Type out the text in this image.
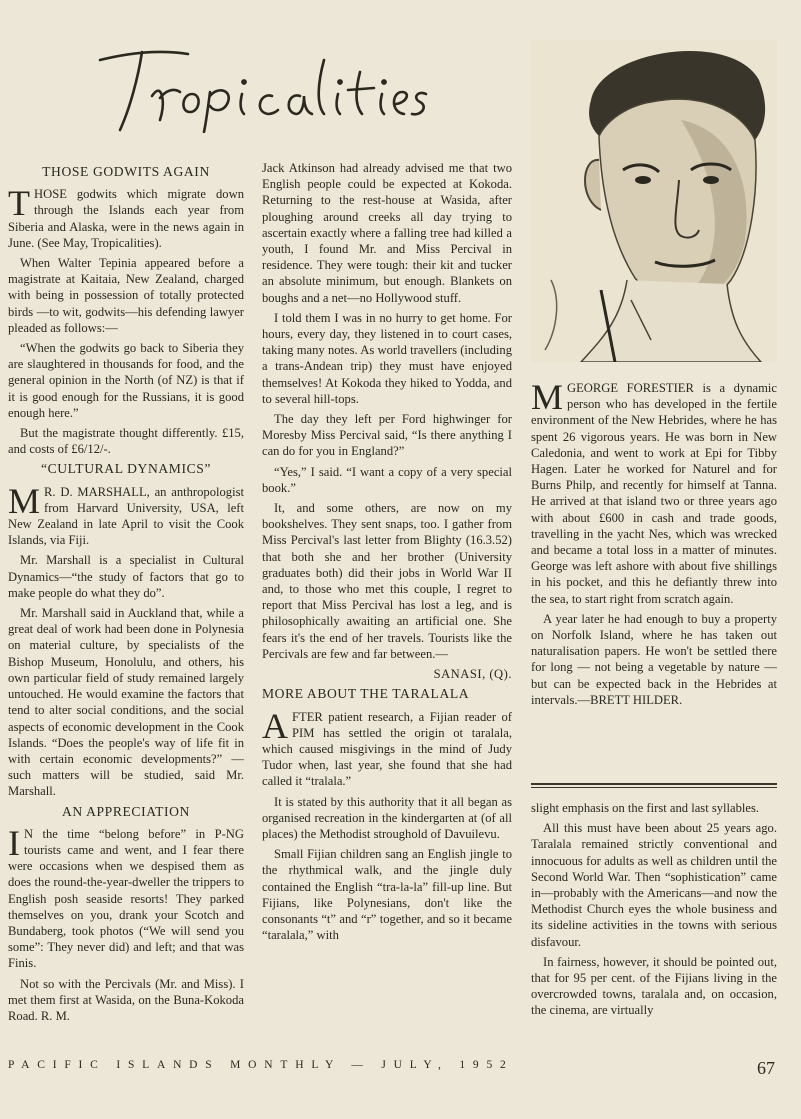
THOSE GODWITS AGAIN

THOSE godwits which migrate down through the Islands each year from Siberia and Alaska, were in the news again in June. (See May, Tropicalities).

When Walter Tepinia appeared before a magistrate at Kaitaia, New Zealand, charged with being in possession of totally protected birds —to wit, godwits—his defending lawyer pleaded as follows:—

“When the godwits go back to Siberia they are slaughtered in thousands for food, and the general opinion in the North (of NZ) is that if it is good enough for the Russians, it is good enough here.”

But the magistrate thought differently. £15, and costs of £6/12/-.

“CULTURAL DYNAMICS”

M R. D. MARSHALL, an anthropologist from Harvard University, USA, left New Zealand in late April to visit the Cook Islands, via Fiji.

Mr. Marshall is a specialist in Cultural Dynamics—“the study of factors that go to make people do what they do”.

Mr. Marshall said in Auckland that, while a great deal of work had been done in Polynesia on material culture, by specialists of the Bishop Museum, Honolulu, and others, his own particular field of study remained largely untouched. He would examine the factors that tend to alter social conditions, and the social aspects of economic development in the Cook Islands. “Does the people's way of life fit in with certain economic developments?” — such matters will be studied, said Mr. Marshall.

AN APPRECIATION

I N the time “belong before” in P-NG tourists came and went, and I fear there were occasions when we despised them as does the round-the-year-dweller the trippers to English posh seaside resorts! They parked themselves on you, drank your Scotch and Bundaberg, took photos (“We will send you some”: They never did) and left; and that was Finis.

Not so with the Percivals (Mr. and Miss). I met them first at Wasida, on the Buna-Kokoda Road. R. M.

Jack Atkinson had already advised me that two English people could be expected at Kokoda. Returning to the rest-house at Wasida, after ploughing around creeks all day trying to ascertain exactly where a falling tree had killed a youth, I found Mr. and Miss Percival in residence. They were tough: their kit and tucker an absolute minimum, but enough. Blankets on boughs and a net—no Hollywood stuff.

I told them I was in no hurry to get home. For hours, every day, they listened in to court cases, taking many notes. As world travellers (including a trans-Andean trip) they must have enjoyed themselves! At Kokoda they hiked to Yodda, and to several hill-tops.

The day they left per Ford highwinger for Moresby Miss Percival said, “Is there anything I can do for you in England?”

“Yes,” I said. “I want a copy of a very special book.”

It, and some others, are now on my bookshelves. They sent snaps, too. I gather from Miss Percival's last letter from Blighty (16.3.52) that both she and her brother (University graduates both) did their jobs in World War II and, to those who met this couple, I regret to report that Miss Percival has lost a leg, and is philosophically awaiting an artificial one. She fears it's the end of her travels. Tourists like the Percivals are few and far between.—

SANASI, (Q).

MORE ABOUT THE TARALALA

AFTER patient research, a Fijian reader of PIM has settled the origin ot taralala, which caused misgivings in the mind of Judy Tudor when, last year, she found that she had called it “tralala.”

It is stated by this authority that it all began as organised recreation in the kindergarten at (of all places) the Methodist stroughold of Davuilevu.

Small Fijian children sang an English jingle to the rhythmical walk, and the jingle duly contained the English “tra-la-la” fill-up line. But Fijians, like Polynesians, don't like the consonants “t” and “r” together, and so it became “taralala,” with

MGEORGE FORESTIER is a dynamic person who has developed in the fertile environment of the New Hebrides, where he has spent 26 vigorous years. He was born in New Caledonia, and went to work at Epi for Tibby Hagen. Later he worked for Naturel and for Burns Philp, and recently for himself at Tanna. He arrived at that island two or three years ago with about £600 in cash and trade goods, travelling in the yacht Nes, which was wrecked and became a total loss in a matter of minutes. George was left ashore with about five shillings in his pocket, and this he defiantly threw into the sea, to start right from scratch again.

A year later he had enough to buy a property on Norfolk Island, where he has taken out naturalisation papers. He won't be settled there for long — not being a vegetable by nature — but can be expected back in the Hebrides at intervals.—BRETT HILDER.

slight emphasis on the first and last syllables.

All this must have been about 25 years ago. Taralala remained strictly conventional and innocuous for adults as well as children until the Second World War. Then “sophistication” came in—probably with the Americans—and now the Methodist Church eyes the whole business and its sideline activities in the towns with serious disfavour.

In fairness, however, it should be pointed out, that for 95 per cent. of the Fijians living in the overcrowded towns, taralala and, on occasion, the cinema, are virtually

PACIFIC ISLANDS MONTHLY — JULY, 1952	67
